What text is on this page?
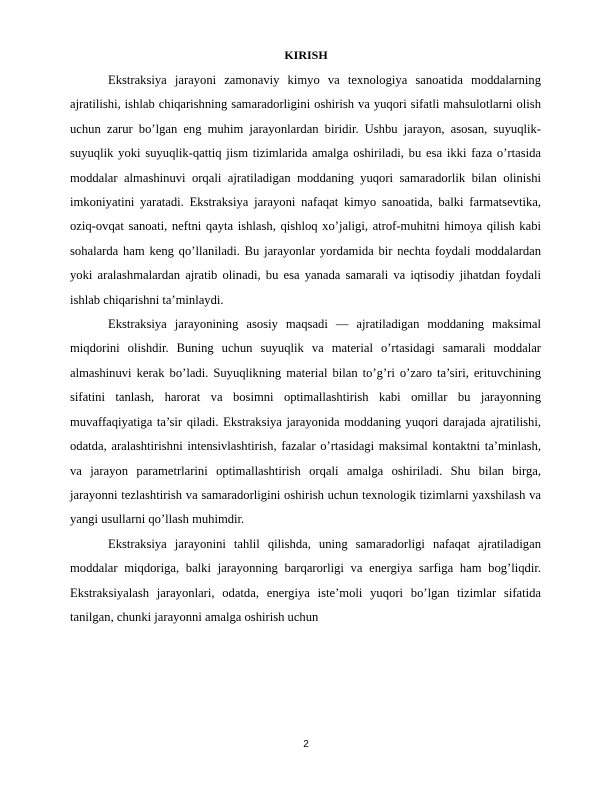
KIRISH

Ekstraksiya jarayoni zamonaviy kimyo va texnologiya sanoatida moddalarning ajratilishi, ishlab chiqarishning samaradorligini oshirish va yuqori sifatli mahsulotlarni olish uchun zarur bo’lgan eng muhim jarayonlardan biridir. Ushbu jarayon, asosan, suyuqlik-suyuqlik yoki suyuqlik-qattiq jism tizimlarida amalga oshiriladi, bu esa ikki faza o’rtasida moddalar almashinuvi orqali ajratiladigan moddaning yuqori samaradorlik bilan olinishi imkoniyatini yaratadi. Ekstraksiya jarayoni nafaqat kimyo sanoatida, balki farmatsevtika, oziq-ovqat sanoati, neftni qayta ishlash, qishloq xo’jaligi, atrof-muhitni himoya qilish kabi sohalarda ham keng qo’llaniladi. Bu jarayonlar yordamida bir nechta foydali moddalardan yoki aralashmalardan ajratib olinadi, bu esa yanada samarali va iqtisodiy jihatdan foydali ishlab chiqarishni ta’minlaydi.

Ekstraksiya jarayonining asosiy maqsadi — ajratiladigan moddaning maksimal miqdorini olishdir. Buning uchun suyuqlik va material o’rtasidagi samarali moddalar almashinuvi kerak bo’ladi. Suyuqlikning material bilan to’g’ri o’zaro ta’siri, erituvchining sifatini tanlash, harorat va bosimni optimallashtirish kabi omillar bu jarayonning muvaffaqiyatiga ta’sir qiladi. Ekstraksiya jarayonida moddaning yuqori darajada ajratilishi, odatda, aralashtirishni intensivlashtirish, fazalar o’rtasidagi maksimal kontaktni ta’minlash, va jarayon parametrlarini optimallashtirish orqali amalga oshiriladi. Shu bilan birga, jarayonni tezlashtirish va samaradorligini oshirish uchun texnologik tizimlarni yaxshilash va yangi usullarni qo’llash muhimdir.

Ekstraksiya jarayonini tahlil qilishda, uning samaradorligi nafaqat ajratiladigan moddalar miqdoriga, balki jarayonning barqarorligi va energiya sarfiga ham bog’liqdir. Ekstraksiyalash jarayonlari, odatda, energiya iste’moli yuqori bo’lgan tizimlar sifatida tanilgan, chunki jarayonni amalga oshirish uchun

2
